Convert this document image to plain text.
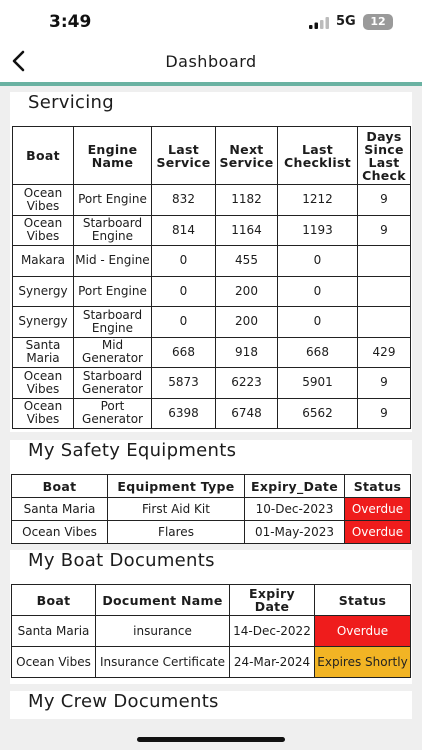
3:49	5G	12
Dashboard
Servicing
Boat	Engine Name	Last Service	Next Service	Last Checklist	Days Since Last Check
Ocean Vibes	Port Engine	832	1182	1212	9
Ocean Vibes	Starboard Engine	814	1164	1193	9
Makara	Mid - Engine	0	455	0	
Synergy	Port Engine	0	200	0	
Synergy	Starboard Engine	0	200	0	
Santa Maria	Mid Generator	668	918	668	429
Ocean Vibes	Starboard Generator	5873	6223	5901	9
Ocean Vibes	Port Generator	6398	6748	6562	9
My Safety Equipments
Boat	Equipment Type	Expiry_Date	Status
Santa Maria	First Aid Kit	10-Dec-2023	Overdue
Ocean Vibes	Flares	01-May-2023	Overdue
My Boat Documents
Boat	Document Name	Expiry Date	Status
Santa Maria	insurance	14-Dec-2022	Overdue
Ocean Vibes	Insurance Certificate	24-Mar-2024	Expires Shortly
My Crew Documents
